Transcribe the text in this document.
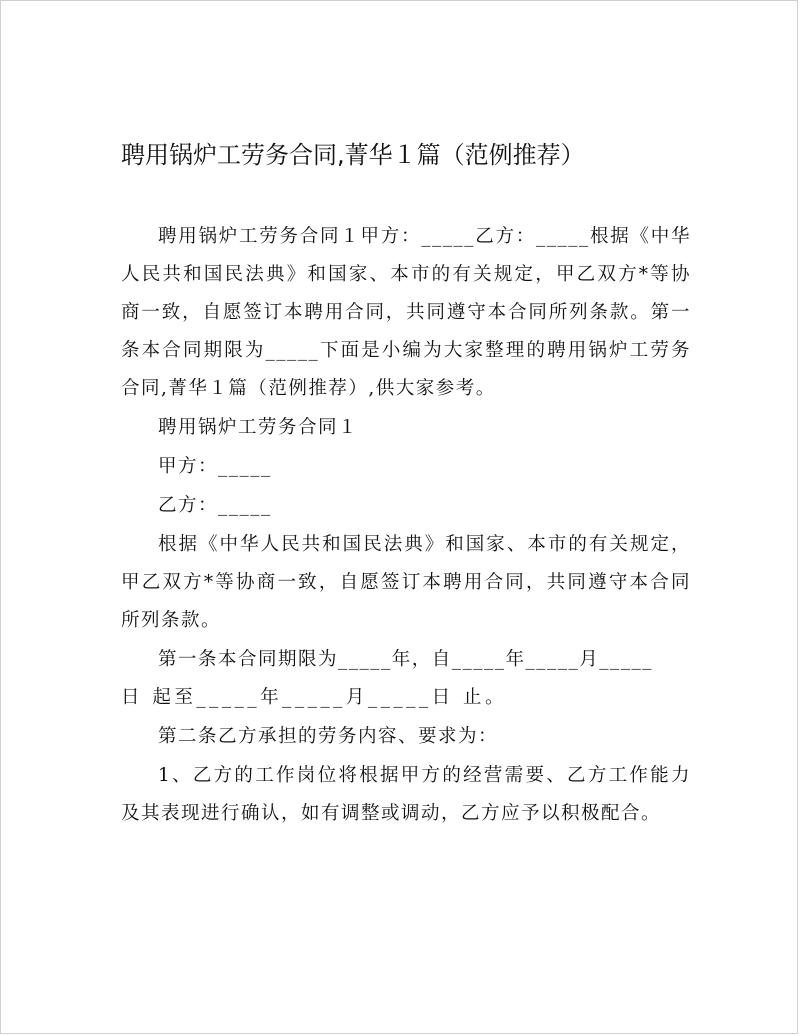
聘用锅炉工劳务合同,菁华１篇（范例推荐）

聘用锅炉工劳务合同１甲方：_____乙方：_____根据《中华人民共和国民法典》和国家、本市的有关规定，甲乙双方*等协商一致，自愿签订本聘用合同，共同遵守本合同所列条款。第一条本合同期限为_____下面是小编为大家整理的聘用锅炉工劳务合同,菁华１篇（范例推荐）,供大家参考。

聘用锅炉工劳务合同１

甲方：_____

乙方：_____

根据《中华人民共和国民法典》和国家、本市的有关规定，甲乙双方*等协商一致，自愿签订本聘用合同，共同遵守本合同所列条款。

第一条本合同期限为_____年，自_____年_____月_____

日 起至_____年_____月_____日 止。

第二条乙方承担的劳务内容、要求为：

1、乙方的工作岗位将根据甲方的经营需要、乙方工作能力及其表现进行确认，如有调整或调动，乙方应予以积极配合。
